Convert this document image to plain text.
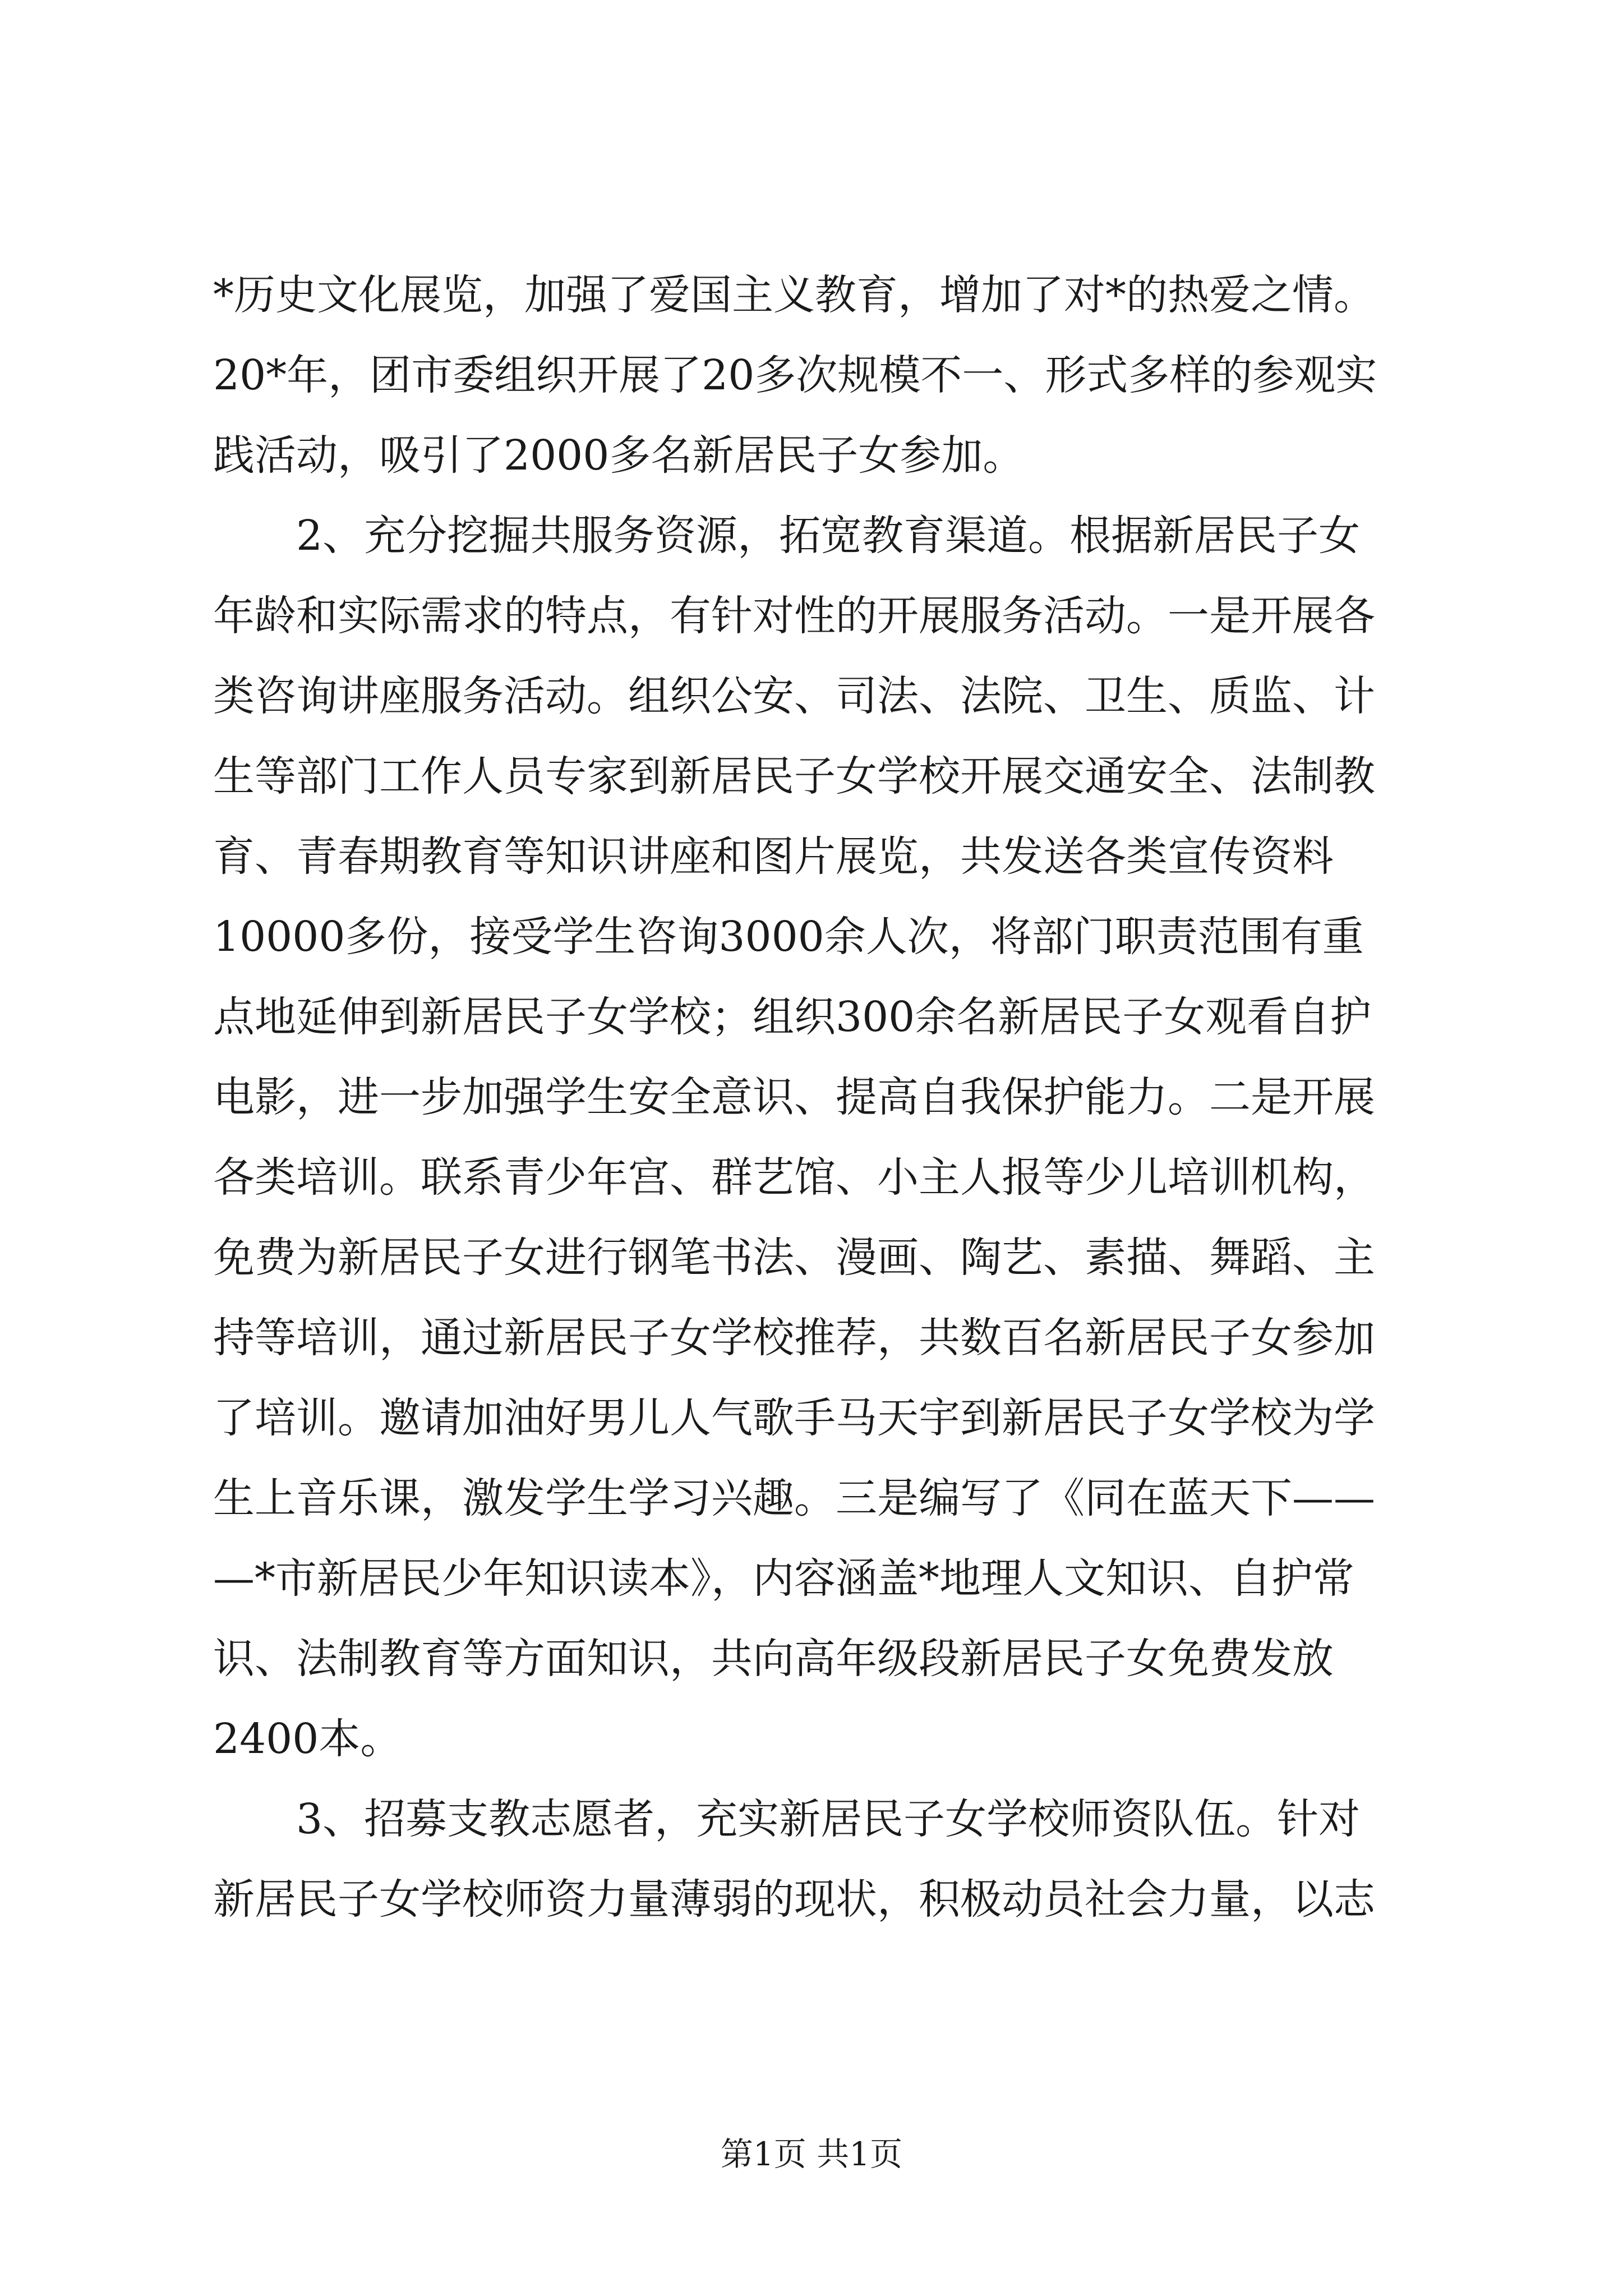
*历史文化展览，加强了爱国主义教育，增加了对*的热爱之情。
20*年，团市委组织开展了20多次规模不一、形式多样的参观实
践活动，吸引了2000多名新居民子女参加。
2、充分挖掘共服务资源，拓宽教育渠道。根据新居民子女
年龄和实际需求的特点，有针对性的开展服务活动。一是开展各
类咨询讲座服务活动。组织公安、司法、法院、卫生、质监、计
生等部门工作人员专家到新居民子女学校开展交通安全、法制教
育、青春期教育等知识讲座和图片展览，共发送各类宣传资料
10000多份，接受学生咨询3000余人次，将部门职责范围有重
点地延伸到新居民子女学校；组织300余名新居民子女观看自护
电影，进一步加强学生安全意识、提高自我保护能力。二是开展
各类培训。联系青少年宫、群艺馆、小主人报等少儿培训机构，
免费为新居民子女进行钢笔书法、漫画、陶艺、素描、舞蹈、主
持等培训，通过新居民子女学校推荐，共数百名新居民子女参加
了培训。邀请加油好男儿人气歌手马天宇到新居民子女学校为学
生上音乐课，激发学生学习兴趣。三是编写了《同在蓝天下——
—*市新居民少年知识读本》，内容涵盖*地理人文知识、自护常
识、法制教育等方面知识，共向高年级段新居民子女免费发放
2400本。
3、招募支教志愿者，充实新居民子女学校师资队伍。针对
新居民子女学校师资力量薄弱的现状，积极动员社会力量，以志
第1页 共1页
